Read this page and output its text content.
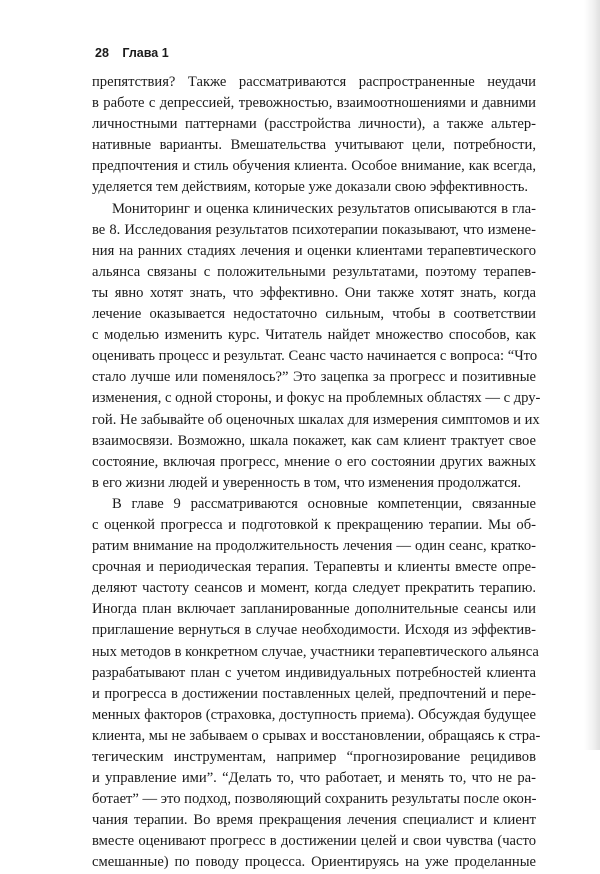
28 Глава 1
препятствия? Также рассматриваются распространенные неудачи
в работе с депрессией, тревожностью, взаимоотношениями и давними
личностными паттернами (расстройства личности), а также альтер-
нативные варианты. Вмешательства учитывают цели, потребности,
предпочтения и стиль обучения клиента. Особое внимание, как всегда,
уделяется тем действиям, которые уже доказали свою эффективность.
Мониторинг и оценка клинических результатов описываются в гла-
ве 8. Исследования результатов психотерапии показывают, что измене-
ния на ранних стадиях лечения и оценки клиентами терапевтического
альянса связаны с положительными результатами, поэтому терапев-
ты явно хотят знать, что эффективно. Они также хотят знать, когда
лечение оказывается недостаточно сильным, чтобы в соответствии
с моделью изменить курс. Читатель найдет множество способов, как
оценивать процесс и результат. Сеанс часто начинается с вопроса: “Что
стало лучше или поменялось?” Это зацепка за прогресс и позитивные
изменения, с одной стороны, и фокус на проблемных областях — с дру-
гой. Не забывайте об оценочных шкалах для измерения симптомов и их
взаимосвязи. Возможно, шкала покажет, как сам клиент трактует свое
состояние, включая прогресс, мнение о его состоянии других важных
в его жизни людей и уверенность в том, что изменения продолжатся.
В главе 9 рассматриваются основные компетенции, связанные
с оценкой прогресса и подготовкой к прекращению терапии. Мы об-
ратим внимание на продолжительность лечения — один сеанс, кратко-
срочная и периодическая терапия. Терапевты и клиенты вместе опре-
деляют частоту сеансов и момент, когда следует прекратить терапию.
Иногда план включает запланированные дополнительные сеансы или
приглашение вернуться в случае необходимости. Исходя из эффектив-
ных методов в конкретном случае, участники терапевтического альянса
разрабатывают план с учетом индивидуальных потребностей клиента
и прогресса в достижении поставленных целей, предпочтений и пере-
менных факторов (страховка, доступность приема). Обсуждая будущее
клиента, мы не забываем о срывах и восстановлении, обращаясь к стра-
тегическим инструментам, например “прогнозирование рецидивов
и управление ими”. “Делать то, что работает, и менять то, что не ра-
ботает” — это подход, позволяющий сохранить результаты после окон-
чания терапии. Во время прекращения лечения специалист и клиент
вместе оценивают прогресс в достижении целей и свои чувства (часто
смешанные) по поводу процесса. Ориентируясь на уже проделанные
